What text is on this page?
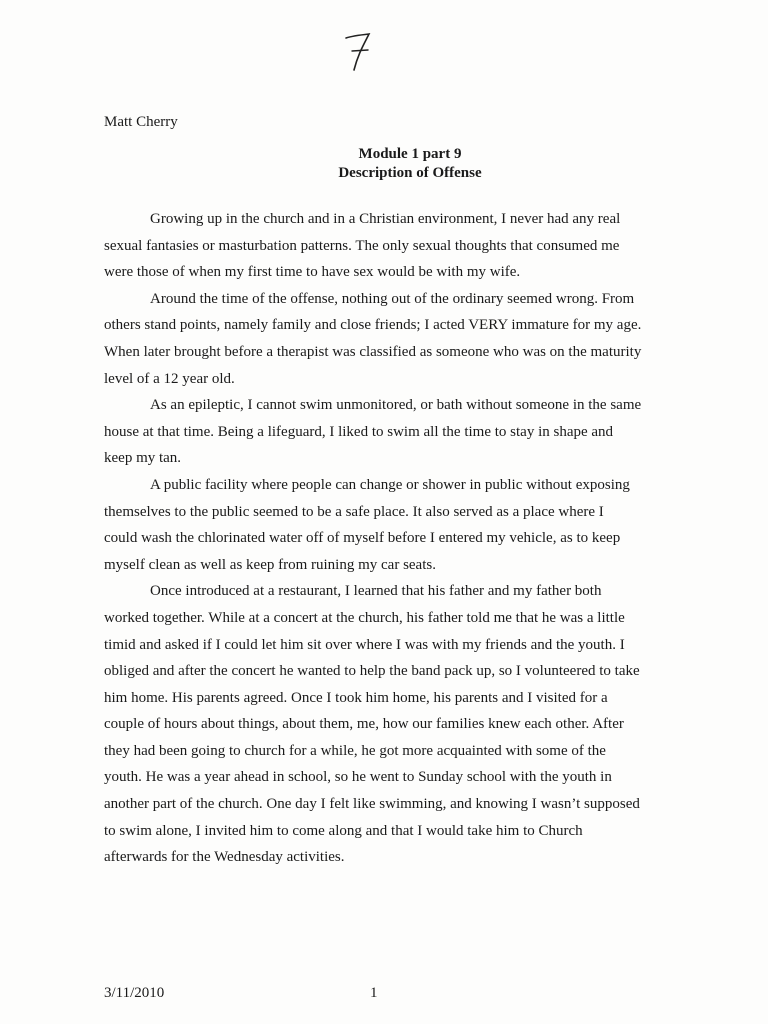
Matt Cherry
Module 1 part 9
Description of Offense

Growing up in the church and in a Christian environment, I never had any real
sexual fantasies or masturbation patterns. The only sexual thoughts that consumed me
were those of when my first time to have sex would be with my wife.

Around the time of the offense, nothing out of the ordinary seemed wrong. From
others stand points, namely family and close friends; I acted VERY immature for my age.
When later brought before a therapist was classified as someone who was on the maturity
level of a 12 year old.

As an epileptic, I cannot swim unmonitored, or bath without someone in the same
house at that time. Being a lifeguard, I liked to swim all the time to stay in shape and
keep my tan.

A public facility where people can change or shower in public without exposing
themselves to the public seemed to be a safe place. It also served as a place where I
could wash the chlorinated water off of myself before I entered my vehicle, as to keep
myself clean as well as keep from ruining my car seats.

Once introduced at a restaurant, I learned that his father and my father both
worked together. While at a concert at the church, his father told me that he was a little
timid and asked if I could let him sit over where I was with my friends and the youth. I
obliged and after the concert he wanted to help the band pack up, so I volunteered to take
him home. His parents agreed. Once I took him home, his parents and I visited for a
couple of hours about things, about them, me, how our families knew each other. After
they had been going to church for a while, he got more acquainted with some of the
youth. He was a year ahead in school, so he went to Sunday school with the youth in
another part of the church. One day I felt like swimming, and knowing I wasn’t supposed
to swim alone, I invited him to come along and that I would take him to Church
afterwards for the Wednesday activities.

3/11/2010	1
